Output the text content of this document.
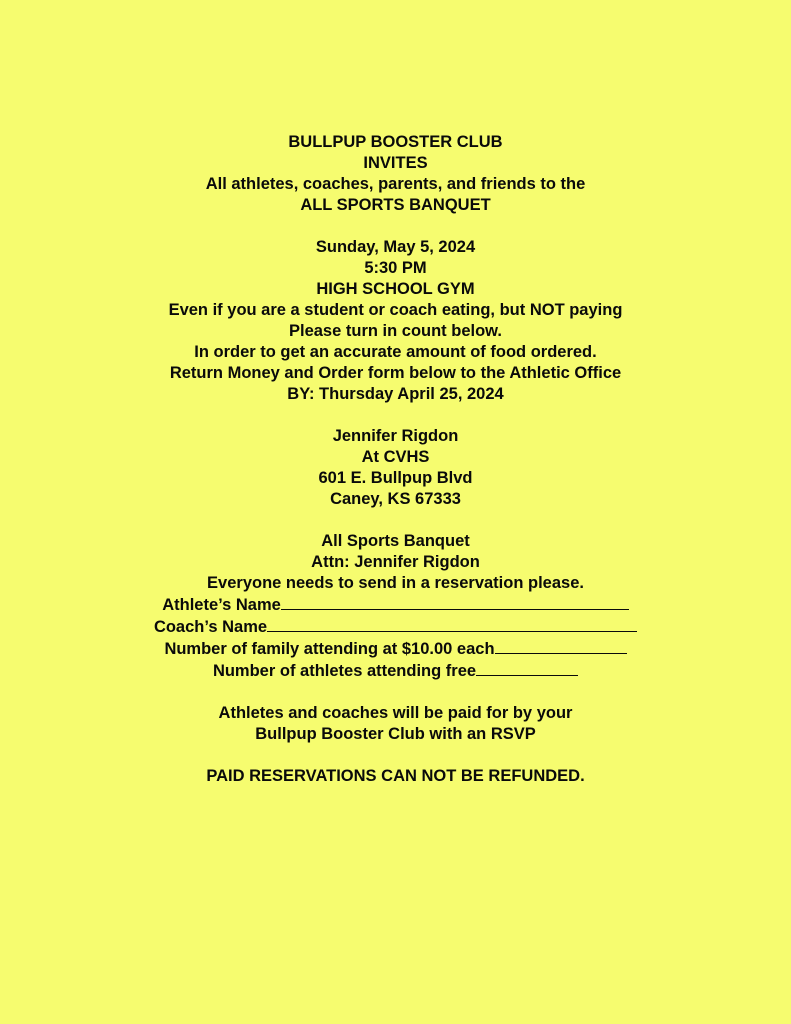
BULLPUP BOOSTER CLUB
INVITES
All athletes, coaches, parents, and friends to the
ALL SPORTS BANQUET
Sunday, May 5, 2024
5:30 PM
HIGH SCHOOL GYM
Even if you are a student or coach eating, but NOT paying
Please turn in count below.
In order to get an accurate amount of food ordered.
Return Money and Order form below to the Athletic Office
BY: Thursday April 25, 2024
Jennifer Rigdon
At CVHS
601 E. Bullpup Blvd
Caney, KS 67333
All Sports Banquet
Attn: Jennifer Rigdon
Everyone needs to send in a reservation please.
Athlete’s Name
Coach’s Name
Number of family attending at $10.00 each
Number of athletes attending free
Athletes and coaches will be paid for by your
Bullpup Booster Club with an RSVP
PAID RESERVATIONS CAN NOT BE REFUNDED.
